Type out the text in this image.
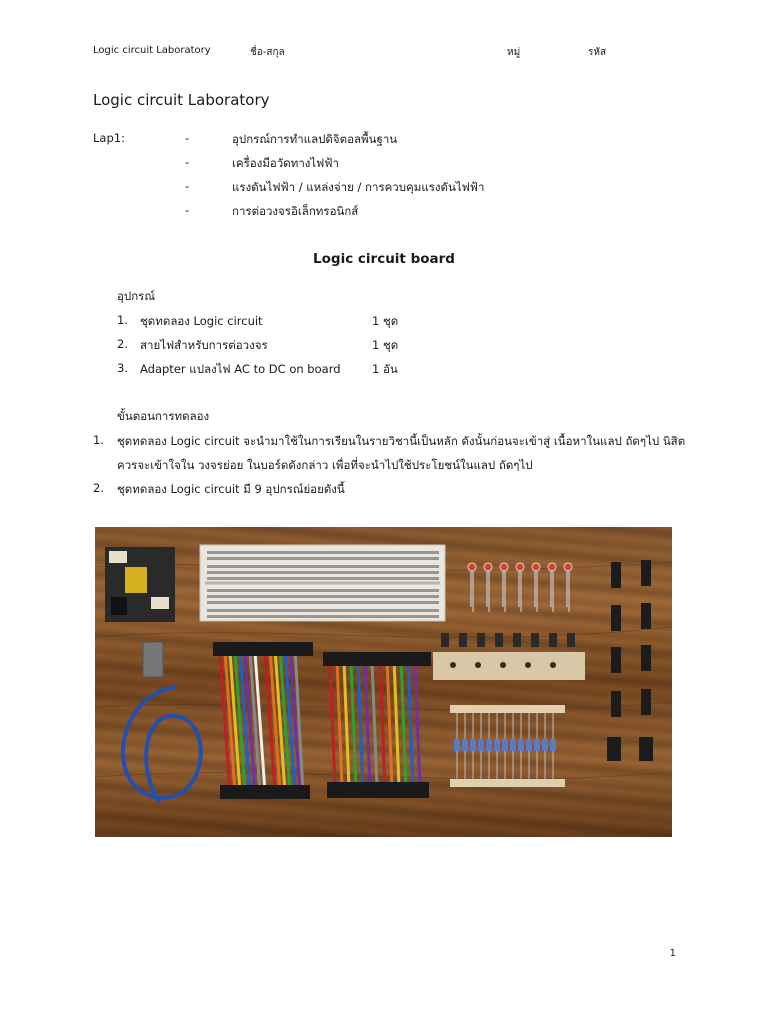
Logic circuit Laboratory	ชื่อ-สกุล	หมู่	รหัส
Logic circuit Laboratory
Lap1:	-	อุปกรณ์การทำแลปดิจิตอลพื้นฐาน
-	เครื่องมือวัดทางไฟฟ้า
-	แรงดันไฟฟ้า / แหล่งจ่าย / การควบคุมแรงดันไฟฟ้า
-	การต่อวงจรอิเล็กทรอนิกส์
Logic circuit board
อุปกรณ์
1. ชุดทดลอง Logic circuit	1 ชุด
2. สายไฟสำหรับการต่อวงจร	1 ชุด
3. Adapter แปลงไฟ AC to DC on board	1 อัน
ขั้นตอนการทดลอง
1. ชุดทดลอง Logic circuit จะนำมาใช้ในการเรียนในรายวิชานี้เป็นหลัก ดังนั้นก่อนจะเข้าสู่ เนื้อหาในแลป ถัดๆไป นิสิต
ควรจะเข้าใจใน วงจรย่อย ในบอร์ดดังกล่าว เพื่อที่จะนำไปใช้ประโยชน์ในแลป ถัดๆไป
2. ชุดทดลอง Logic circuit มี 9 อุปกรณ์ย่อยดังนี้
1
